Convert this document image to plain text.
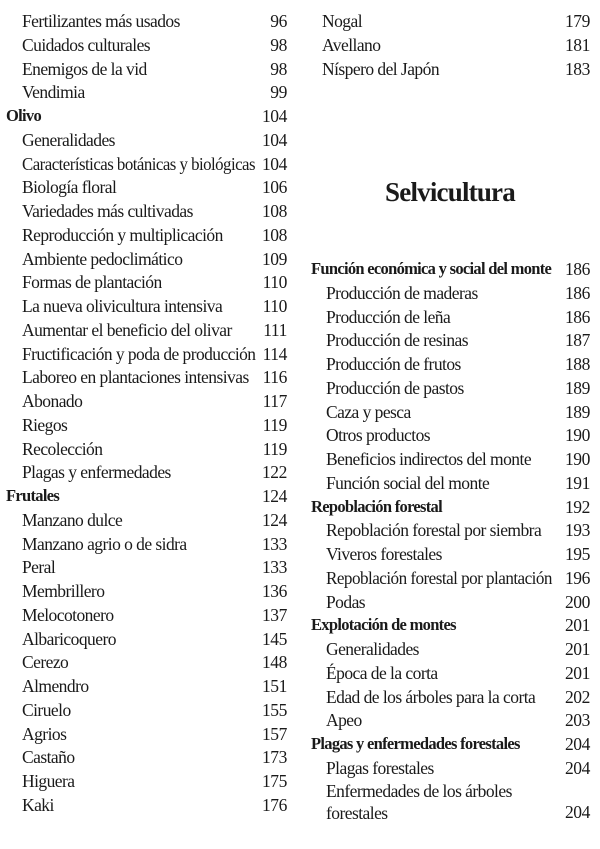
Fertilizantes más usados	96
Cuidados culturales	98
Enemigos de la vid	98
Vendimia	99
Olivo	104
Generalidades	104
Características botánicas y biológicas 104
Biología floral	106
Variedades más cultivadas	108
Reproducción y multiplicación 108
Ambiente pedoclimático	109
Formas de plantación	110
La nueva olivicultura intensiva 110
Aumentar el beneficio del olivar 111
Fructificación y poda de producción 114
Laboreo en plantaciones intensivas 116
Abonado	117
Riegos	119
Recolección	119
Plagas y enfermedades	122
Frutales	124
Manzano dulce	124
Manzano agrio o de sidra	133
Peral	133
Membrillero	136
Melocotonero	137
Albaricoquero	145
Cerezo	148
Almendro	151
Ciruelo	155
Agrios	157
Castaño	173
Higuera	175
Kaki	176
Selvicultura
Nogal	179
Avellano	181
Níspero del Japón	183
Función económica y social del monte 186
Producción de maderas	186
Producción de leña	186
Producción de resinas	187
Producción de frutos	188
Producción de pastos	189
Caza y pesca	189
Otros productos	190
Beneficios indirectos del monte 190
Función social del monte	191
Repoblación forestal	192
Repoblación forestal por siembra 193
Viveros forestales	195
Repoblación forestal por plantación 196
Podas	200
Explotación de montes	201
Generalidades	201
Época de la corta	201
Edad de los árboles para la corta 202
Apeo	203
Plagas y enfermedades forestales	204
Plagas forestales	204
Enfermedades de los árboles forestales	204
